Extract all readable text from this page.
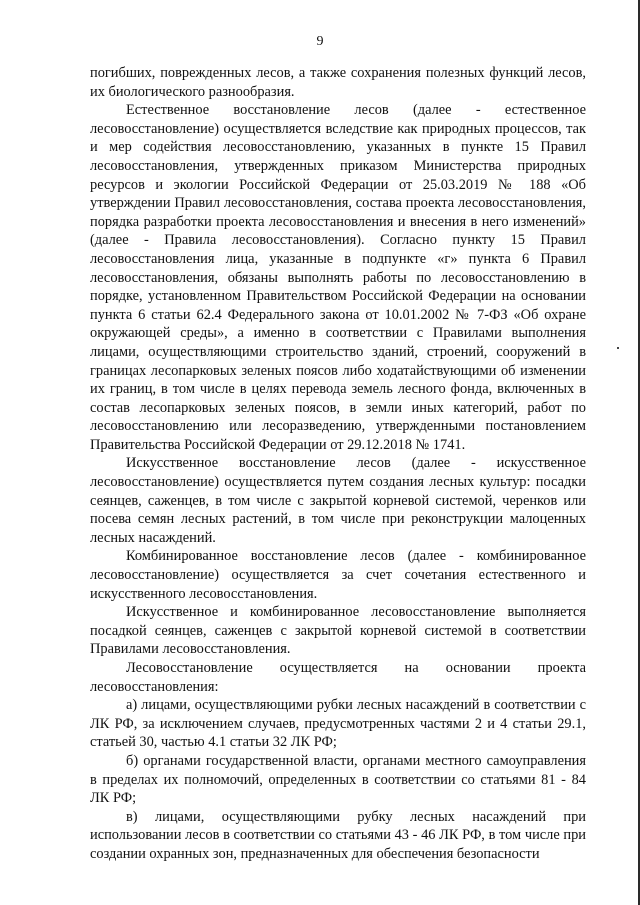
9

погибших, поврежденных лесов, а также сохранения полезных функций лесов, их биологического разнообразия.

Естественное восстановление лесов (далее - естественное лесовосстановление) осуществляется вследствие как природных процессов, так и мер содействия лесовосстановлению, указанных в пункте 15 Правил лесовосстановления, утвержденных приказом Министерства природных ресурсов и экологии Российской Федерации от 25.03.2019 № 188 «Об утверждении Правил лесовосстановления, состава проекта лесовосстановления, порядка разработки проекта лесовосстановления и внесения в него изменений» (далее - Правила лесовосстановления). Согласно пункту 15 Правил лесовосстановления лица, указанные в подпункте «г» пункта 6 Правил лесовосстановления, обязаны выполнять работы по лесовосстановлению в порядке, установленном Правительством Российской Федерации на основании пункта 6 статьи 62.4 Федерального закона от 10.01.2002 № 7-ФЗ «Об охране окружающей среды», а именно в соответствии с Правилами выполнения лицами, осуществляющими строительство зданий, строений, сооружений в границах лесопарковых зеленых поясов либо ходатайствующими об изменении их границ, в том числе в целях перевода земель лесного фонда, включенных в состав лесопарковых зеленых поясов, в земли иных категорий, работ по лесовосстановлению или лесоразведению, утвержденными постановлением Правительства Российской Федерации от 29.12.2018 № 1741.

Искусственное восстановление лесов (далее - искусственное лесовосстановление) осуществляется путем создания лесных культур: посадки сеянцев, саженцев, в том числе с закрытой корневой системой, черенков или посева семян лесных растений, в том числе при реконструкции малоценных лесных насаждений.

Комбинированное восстановление лесов (далее - комбинированное лесовосстановление) осуществляется за счет сочетания естественного и искусственного лесовосстановления.

Искусственное и комбинированное лесовосстановление выполняется посадкой сеянцев, саженцев с закрытой корневой системой в соответствии Правилами лесовосстановления.

Лесовосстановление осуществляется на основании проекта лесовосстановления:

а) лицами, осуществляющими рубки лесных насаждений в соответствии с ЛК РФ, за исключением случаев, предусмотренных частями 2 и 4 статьи 29.1, статьей 30, частью 4.1 статьи 32 ЛК РФ;

б) органами государственной власти, органами местного самоуправления в пределах их полномочий, определенных в соответствии со статьями 81 - 84 ЛК РФ;

в) лицами, осуществляющими рубку лесных насаждений при использовании лесов в соответствии со статьями 43 - 46 ЛК РФ, в том числе при создании охранных зон, предназначенных для обеспечения безопасности
